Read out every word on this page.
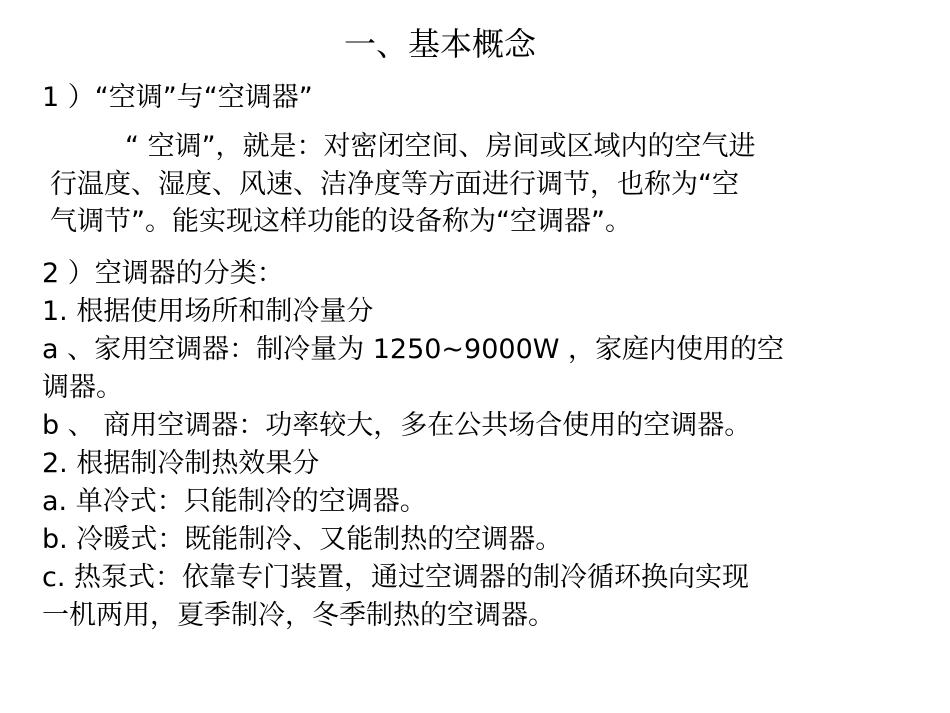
一、基本概念
1 ）“空调”与“空调器”
“ 空调”，就是：对密闭空间、房间或区域内的空气进
行温度、湿度、风速、洁净度等方面进行调节，也称为“空
气调节”。能实现这样功能的设备称为“空调器”。
2 ）空调器的分类：
1. 根据使用场所和制冷量分
a 、家用空调器：制冷量为 1250~9000W ，家庭内使用的空
调器。
b 、 商用空调器：功率较大，多在公共场合使用的空调器。
2. 根据制冷制热效果分
a. 单冷式：只能制冷的空调器。
b. 冷暖式：既能制冷、又能制热的空调器。
c. 热泵式：依靠专门装置，通过空调器的制冷循环换向实现
一机两用，夏季制冷，冬季制热的空调器。
